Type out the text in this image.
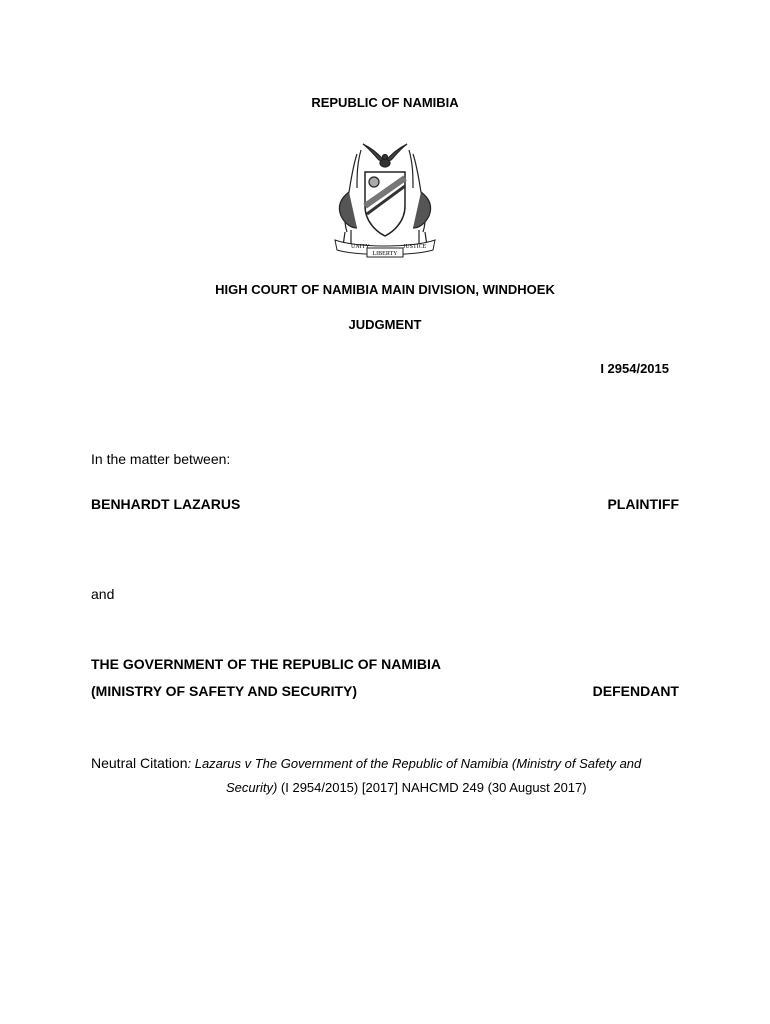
REPUBLIC OF NAMIBIA
UNITY
LIBERTY
JUSTICE
HIGH COURT OF NAMIBIA MAIN DIVISION, WINDHOEK
JUDGMENT
I 2954/2015
In the matter between:
BENHARDT LAZARUS	PLAINTIFF
and
THE GOVERNMENT OF THE REPUBLIC OF NAMIBIA
(MINISTRY OF SAFETY AND SECURITY)	DEFENDANT
Neutral Citation: Lazarus v The Government of the Republic of Namibia (Ministry of Safety and
Security) (I 2954/2015) [2017] NAHCMD 249 (30 August 2017)
